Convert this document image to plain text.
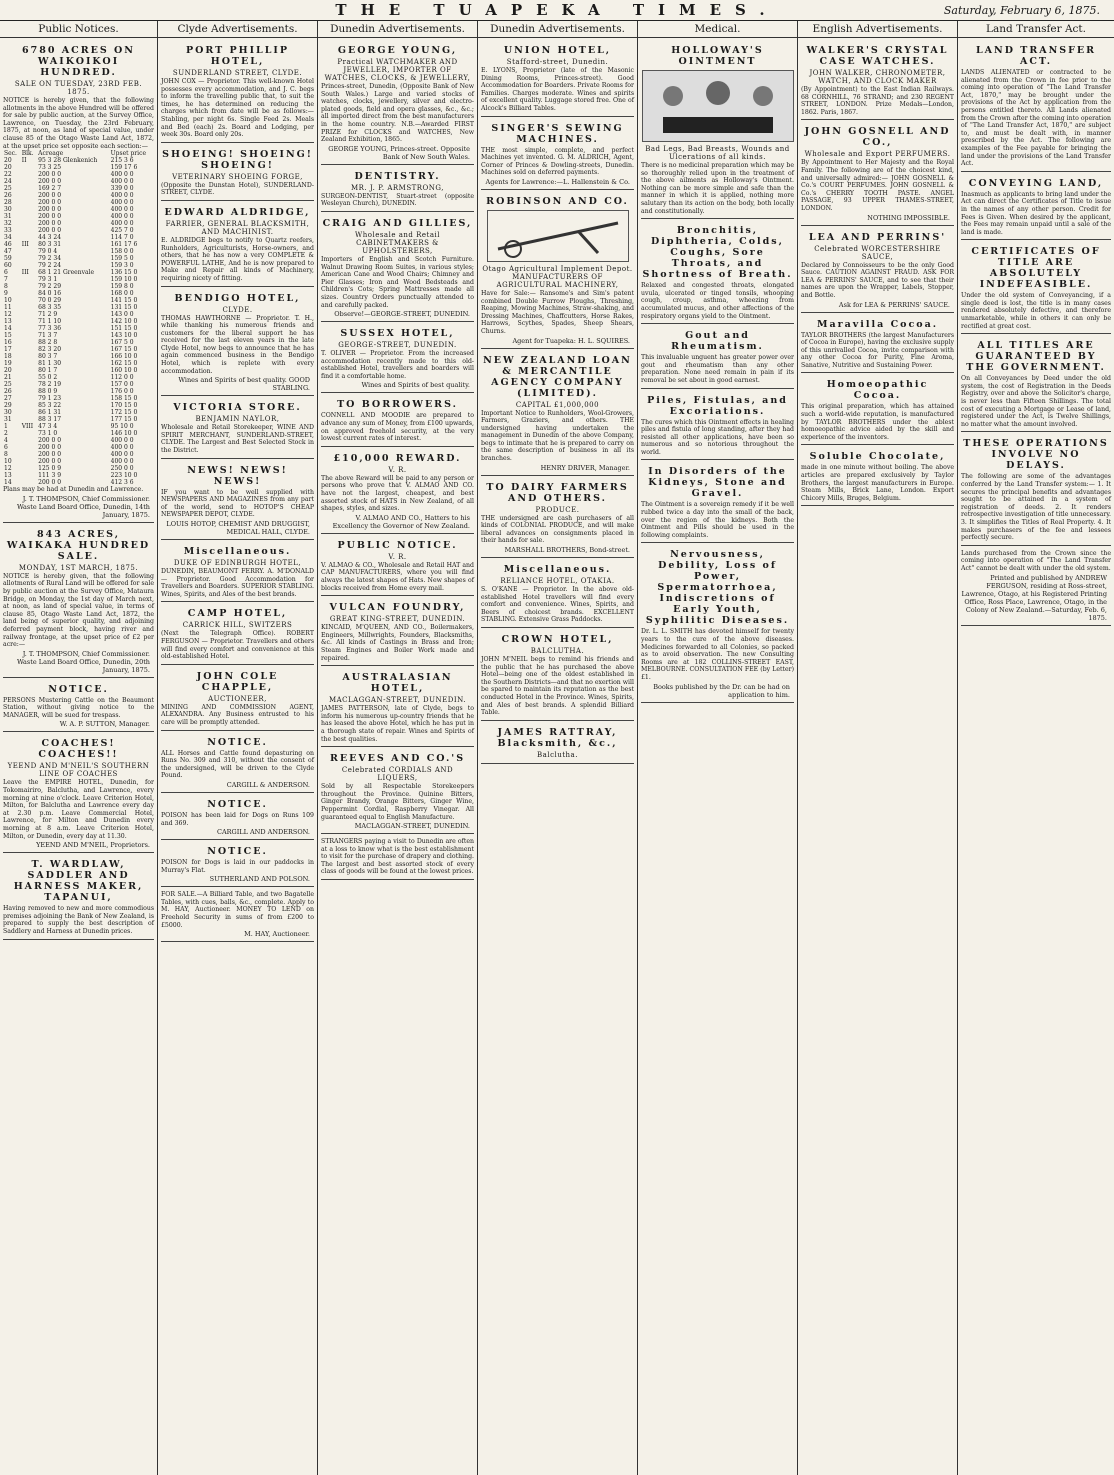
THE TUAPEKA TIMES.	Saturday, February 6, 1875.
Public Notices.
6780 ACRES ON WAIKOIKOI HUNDRED.
SALE ON TUESDAY, 23RD FEB. 1875.

NOTICE is hereby given, that the following allotments in the above Hundred will be offered for sale by public auction, at the Survey Office, Lawrence, on Tuesday, the 23rd February, 1875, at noon, as land of special value, under clause 85 of the Otago Waste Land Act, 1872, at the upset price set opposite each section:—

Sec.	Blk.	Acreage	Upset price
20	II	95 3 28 Glenkenich	215 3 6
20		73 3 25	159 17 6
22		200 0 0	400 0 0
24		200 0 0	400 0 0
25		169 2 7	339 0 0
26		200 0 0	400 0 0
28		200 0 0	400 0 0
30		200 0 0	400 0 0
31		200 0 0	400 0 0
32		200 0 0	400 0 0
33		200 0 0	425 7 0
34		44 3 24	114 7 0
46	III	80 3 31	161 17 6
47		79 0 4	158 0 0
59		79 2 34	159 5 0
60		79 2 24	159 3 0
6	III	68 1 21 Greenvale	136 15 0
7		79 3 1	159 10 0
8		79 2 29	159 8 0
9		84 0 16	168 0 0
10		70 0 29	141 15 0
11		68 3 35	131 15 0
12		71 2 9	143 0 0
13		71 1 10	142 10 0
14		77 3 36	151 15 0
15		71 3 7	143 10 0
16		88 2 8	167 5 0
17		82 3 20	167 15 0
18		80 3 7	166 10 0
19		81 1 30	162 15 0
20		80 1 7	160 10 0
21		55 0 2	112 0 0
25		78 2 19	157 0 0
26		88 0 9	176 0 0
27		79 1 23	158 15 0
29		85 3 22	170 15 0
30		86 1 31	172 15 0
31		88 3 17	177 15 0
1	VIII	47 3 4	95 10 0
2		73 1 0	146 10 0
4		200 0 0	400 0 0
6		200 0 0	400 0 0
8		200 0 0	400 0 0
10		200 0 0	400 0 0
12		125 0 9	250 0 0
13		111 3 9	223 10 0
14		200 0 0	412 3 6

Plans may be had at Dunedin and Lawrence.

J. T. THOMPSON, Chief Commissioner. Waste Land Board Office, Dunedin, 14th January, 1875.
843 ACRES, WAIKAKA HUNDRED SALE.
MONDAY, 1ST MARCH, 1875.

NOTICE is hereby given, that the following allotments of Rural Land will be offered for sale by public auction at the Survey Office, Mataura Bridge, on Monday, the 1st day of March next, at noon, as land of special value, in terms of clause 85, Otago Waste Land Act, 1872, the land being of superior quality, and adjoining deferred payment block, having river and railway frontage, at the upset price of £2 per acre:—

J. T. THOMPSON, Chief Commissioner. Waste Land Board Office, Dunedin, 20th January, 1875.
NOTICE.

PERSONS Mustering Cattle on the Beaumont Station, without giving notice to the MANAGER, will be sued for trespass.

W. A. P. SUTTON, Manager.
COACHES! COACHES!!
YEEND AND M'NEIL'S SOUTHERN LINE OF COACHES

Leave the EMPIRE HOTEL, Dunedin, for Tokomairiro, Balclutha, and Lawrence, every morning at nine o'clock. Leave Criterion Hotel, Milton, for Balclutha and Lawrence every day at 2.30 p.m. Leave Commercial Hotel, Lawrence, for Milton and Dunedin every morning at 8 a.m. Leave Criterion Hotel, Milton, or Dunedin, every day at 11.30.

YEEND AND M'NEIL, Proprietors.
T. WARDLAW, SADDLER AND HARNESS MAKER, TAPANUI,

Having removed to new and more commodious premises adjoining the Bank of New Zealand, is prepared to supply the best description of Saddlery and Harness at Dunedin prices.

Clyde Advertisements.
PORT PHILLIP HOTEL,
SUNDERLAND STREET, CLYDE.

JOHN COX — Proprietor. This well-known Hotel possesses every accommodation, and J. C. begs to inform the travelling public that, to suit the times, he has determined on reducing the charges which from date will be as follows:— Stabling, per night 6s. Single Feed 2s. Meals and Bed (each) 2s. Board and Lodging, per week 30s. Board only 20s.

SHOEING! SHOEING! SHOEING!
VETERINARY SHOEING FORGE,

(Opposite the Dunstan Hotel), SUNDERLAND-STREET, CLYDE.

EDWARD ALDRIDGE,
FARRIER, GENERAL BLACKSMITH, AND MACHINIST.

E. ALDRIDGE begs to notify to Quartz reefers, Runholders, Agriculturists, Horse-owners, and others, that he has now a very COMPLETE & POWERFUL LATHE, And he is now prepared to Make and Repair all kinds of Machinery, requiring nicety of fitting.

BENDIGO HOTEL,
CLYDE.

THOMAS HAWTHORNE — Proprietor. T. H., while thanking his numerous friends and customers for the liberal support he has received for the last eleven years in the late Clyde Hotel, now begs to announce that he has again commenced business in the Bendigo Hotel, which is replete with every accommodation.

Wines and Spirits of best quality. GOOD STABLING.
VICTORIA STORE.
BENJAMIN NAYLOR,

Wholesale and Retail Storekeeper, WINE AND SPIRIT MERCHANT, SUNDERLAND-STREET, CLYDE. The Largest and Best Selected Stock in the District.

NEWS! NEWS! NEWS!

IF you want to be well supplied with NEWSPAPERS AND MAGAZINES from any part of the world, send to HOTOP'S CHEAP NEWSPAPER DEPOT, CLYDE.

LOUIS HOTOP, CHEMIST AND DRUGGIST, MEDICAL HALL, CLYDE.
Miscellaneous.
DUKE OF EDINBURGH HOTEL,

DUNEDIN, BEAUMONT FERRY. A. M'DONALD — Proprietor. Good Accommodation for Travellers and Boarders. SUPERIOR STABLING. Wines, Spirits, and Ales of the best brands.

CAMP HOTEL,
CARRICK HILL, SWITZERS

(Next the Telegraph Office). ROBERT FERGUSON — Proprietor. Travellers and others will find every comfort and convenience at this old-established Hotel.

JOHN COLE CHAPPLE,
AUCTIONEER,

MINING AND COMMISSION AGENT, ALEXANDRA. Any Business entrusted to his care will be promptly attended.

NOTICE.

ALL Horses and Cattle found depasturing on Runs No. 309 and 310, without the consent of the undersigned, will be driven to the Clyde Pound.

CARGILL & ANDERSON.
NOTICE.

POISON has been laid for Dogs on Runs 109 and 369.

CARGILL AND ANDERSON.
NOTICE.

POISON for Dogs is laid in our paddocks in Murray's Flat.

SUTHERLAND AND POLSON.

FOR SALE.—A Billiard Table, and two Bagatelle Tables, with cues, balls, &c., complete. Apply to M. HAY, Auctioneer. MONEY TO LEND on Freehold Security in sums of from £200 to £5000.

M. HAY, Auctioneer.
Dunedin Advertisements.
GEORGE YOUNG,
Practical WATCHMAKER AND JEWELLER, IMPORTER OF WATCHES, CLOCKS, & JEWELLERY,

Princes-street, Dunedin, (Opposite Bank of New South Wales.) Large and varied stocks of watches, clocks, jewellery, silver and electro-plated goods, field and opera glasses, &c., &c.; all imported direct from the best manufacturers in the home country. N.B.—Awarded FIRST PRIZE for CLOCKS and WATCHES, New Zealand Exhibition, 1865.

GEORGE YOUNG, Princes-street. Opposite Bank of New South Wales.
DENTISTRY.
MR. J. P. ARMSTRONG,

SURGEON-DENTIST, Stuart-street (opposite Wesleyan Church), DUNEDIN.

CRAIG AND GILLIES,
Wholesale and Retail CABINETMAKERS & UPHOLSTERERS,

Importers of English and Scotch Furniture. Walnut Drawing Room Suites, in various styles; American Cane and Wood Chairs; Chimney and Pier Glasses; Iron and Wood Bedsteads and Children's Cots; Spring Mattresses made all sizes. Country Orders punctually attended to and carefully packed.

Observe!—GEORGE-STREET, DUNEDIN.
SUSSEX HOTEL,
GEORGE-STREET, DUNEDIN.

T. OLIVER — Proprietor. From the increased accommodation recently made to this old-established Hotel, travellers and boarders will find it a comfortable home.

Wines and Spirits of best quality.
TO BORROWERS.

CONNELL AND MOODIE are prepared to advance any sum of Money, from £100 upwards, on approved freehold security, at the very lowest current rates of interest.

£10,000 REWARD.
V. R.

The above Reward will be paid to any person or persons who prove that V. ALMAO AND CO. have not the largest, cheapest, and best assorted stock of HATS in New Zealand, of all shapes, styles, and sizes.

V. ALMAO AND CO., Hatters to his Excellency the Governor of New Zealand.
PUBLIC NOTICE.
V. R.

V. ALMAO & CO., Wholesale and Retail HAT and CAP MANUFACTURERS, where you will find always the latest shapes of Hats. New shapes of blocks received from Home every mail.

VULCAN FOUNDRY,
GREAT KING-STREET, DUNEDIN.

KINCAID, M'QUEEN, AND CO., Boilermakers, Engineers, Millwrights, Founders, Blacksmiths, &c. All kinds of Castings in Brass and Iron; Steam Engines and Boiler Work made and repaired.

AUSTRALASIAN HOTEL,
MACLAGGAN-STREET, DUNEDIN.

JAMES PATTERSON, late of Clyde, begs to inform his numerous up-country friends that he has leased the above Hotel, which he has put in a thorough state of repair. Wines and Spirits of the best qualities.

REEVES AND CO.'S
Celebrated CORDIALS AND LIQUERS,

Sold by all Respectable Storekeepers throughout the Province. Quinine Bitters, Ginger Brandy, Orange Bitters, Ginger Wine, Peppermint Cordial, Raspberry Vinegar. All guaranteed equal to English Manufacture.

MACLAGGAN-STREET, DUNEDIN.

STRANGERS paying a visit to Dunedin are often at a loss to know what is the best establishment to visit for the purchase of drapery and clothing. The largest and best assorted stock of every class of goods will be found at the lowest prices.

Dunedin Advertisements.
UNION HOTEL,
Stafford-street, Dunedin.

E. LYONS, Proprietor (late of the Masonic Dining Rooms, Princes-street). Good Accommodation for Boarders. Private Rooms for Families. Charges moderate. Wines and spirits of excellent quality. Luggage stored free. One of Alcock's Billiard Tables.

SINGER'S SEWING MACHINES.

THE most simple, complete, and perfect Machines yet invented. G. M. ALDRICH, Agent, Corner of Princes & Dowling-streets, Dunedin. Machines sold on deferred payments.

Agents for Lawrence:—L. Hallenstein & Co.
ROBINSON AND CO.
Otago Agricultural Implement Depot. MANUFACTURERS OF AGRICULTURAL MACHINERY,

Have for Sale:— Ransome's and Sim's patent combined Double Furrow Ploughs, Threshing, Reaping, Mowing Machines, Straw-shaking, and Dressing Machines, Chaffcutters, Horse Rakes, Harrows, Scythes, Spades, Sheep Shears, Churns.

Agent for Tuapeka: H. L. SQUIRES.
NEW ZEALAND LOAN & MERCANTILE AGENCY COMPANY (LIMITED).
CAPITAL £1,000,000

Important Notice to Runholders, Wool-Growers, Farmers, Graziers, and others. THE undersigned having undertaken the management in Dunedin of the above Company, begs to intimate that he is prepared to carry on the same description of business in all its branches.

HENRY DRIVER, Manager.
TO DAIRY FARMERS AND OTHERS.
PRODUCE.

THE undersigned are cash purchasers of all kinds of COLONIAL PRODUCE, and will make liberal advances on consignments placed in their hands for sale.

MARSHALL BROTHERS, Bond-street.
Miscellaneous.
RELIANCE HOTEL, OTAKIA.

S. O'KANE — Proprietor. In the above old-established Hotel travellers will find every comfort and convenience. Wines, Spirits, and Beers of choicest brands. EXCELLENT STABLING. Extensive Grass Paddocks.

CROWN HOTEL,
BALCLUTHA.

JOHN M'NEIL begs to remind his friends and the public that he has purchased the above Hotel—being one of the oldest established in the Southern Districts—and that no exertion will be spared to maintain its reputation as the best conducted Hotel in the Province. Wines, Spirits, and Ales of best brands. A splendid Billiard Table.

JAMES RATTRAY, Blacksmith, &c.,
Balclutha.
Medical.
HOLLOWAY'S OINTMENT
Bad Legs, Bad Breasts, Wounds and Ulcerations of all kinds.

There is no medicinal preparation which may be so thoroughly relied upon in the treatment of the above ailments as Holloway's Ointment. Nothing can be more simple and safe than the manner in which it is applied, nothing more salutary than its action on the body, both locally and constitutionally.

Bronchitis, Diphtheria, Colds, Coughs, Sore Throats, and Shortness of Breath.

Relaxed and congested throats, elongated uvula, ulcerated or tinged tonsils, whooping cough, croup, asthma, wheezing from accumulated mucus, and other affections of the respiratory organs yield to the Ointment.

Gout and Rheumatism.

This invaluable unguent has greater power over gout and rheumatism than any other preparation. None need remain in pain if its removal be set about in good earnest.

Piles, Fistulas, and Excoriations.

The cures which this Ointment effects in healing piles and fistula of long standing, after they had resisted all other applications, have been so numerous and so notorious throughout the world.

In Disorders of the Kidneys, Stone and Gravel.

The Ointment is a sovereign remedy if it be well rubbed twice a day into the small of the back, over the region of the kidneys. Both the Ointment and Pills should be used in the following complaints.

Nervousness, Debility, Loss of Power, Spermatorrhoea, Indiscretions of Early Youth, Syphilitic Diseases.

Dr. L. L. SMITH has devoted himself for twenty years to the cure of the above diseases. Medicines forwarded to all Colonies, so packed as to avoid observation. The new Consulting Rooms are at 182 COLLINS-STREET EAST, MELBOURNE. CONSULTATION FEE (by Letter) £1.

Books published by the Dr. can be had on application to him.
English Advertisements.
WALKER'S CRYSTAL CASE WATCHES.
JOHN WALKER, CHRONOMETER, WATCH, AND CLOCK MAKER

(By Appointment) to the East Indian Railways. 68 CORNHILL, 76 STRAND; and 230 REGENT STREET, LONDON. Prize Medals—London, 1862. Paris, 1867.

JOHN GOSNELL AND CO.,
Wholesale and Export PERFUMERS.

By Appointment to Her Majesty and the Royal Family. The following are of the choicest kind, and universally admired:— JOHN GOSNELL & Co.'s COURT PERFUMES. JOHN GOSNELL & Co.'s CHERRY TOOTH PASTE. ANGEL PASSAGE, 93 UPPER THAMES-STREET, LONDON.

NOTHING IMPOSSIBLE.
LEA AND PERRINS'
Celebrated WORCESTERSHIRE SAUCE,

Declared by Connoisseurs to be the only Good Sauce. CAUTION AGAINST FRAUD. ASK FOR LEA & PERRINS' SAUCE, and to see that their names are upon the Wrapper, Labels, Stopper, and Bottle.

Ask for LEA & PERRINS' SAUCE.
Maravilla Cocoa.

TAYLOR BROTHERS (the largest Manufacturers of Cocoa in Europe), having the exclusive supply of this unrivalled Cocoa, invite comparison with any other Cocoa for Purity, Fine Aroma, Sanative, Nutritive and Sustaining Power.

Homoeopathic Cocoa.

This original preparation, which has attained such a world-wide reputation, is manufactured by TAYLOR BROTHERS under the ablest homoeopathic advice aided by the skill and experience of the inventors.

Soluble Chocolate,

made in one minute without boiling. The above articles are prepared exclusively by Taylor Brothers, the largest manufacturers in Europe. Steam Mills, Brick Lane, London. Export Chicory Mills, Bruges, Belgium.

Land Transfer Act.
LAND TRANSFER ACT.

LANDS ALIENATED or contracted to be alienated from the Crown in fee prior to the coming into operation of "The Land Transfer Act, 1870," may be brought under the provisions of the Act by application from the persons entitled thereto. All Lands alienated from the Crown after the coming into operation of "The Land Transfer Act, 1870," are subject to, and must be dealt with, in manner prescribed by the Act. The following are examples of the Fee payable for bringing the land under the provisions of the Land Transfer Act.

CONVEYING LAND,

Inasmuch as applicants to bring land under the Act can direct the Certificates of Title to issue in the names of any other person. Credit for Fees is Given. When desired by the applicant, the Fees may remain unpaid until a sale of the land is made.

CERTIFICATES OF TITLE ARE ABSOLUTELY INDEFEASIBLE.

Under the old system of Conveyancing, if a single deed is lost, the title is in many cases rendered absolutely defective, and therefore unmarketable, while in others it can only be rectified at great cost.

ALL TITLES ARE GUARANTEED BY THE GOVERNMENT.

On all Conveyances by Deed under the old system, the cost of Registration in the Deeds Registry, over and above the Solicitor's charge, is never less than Fifteen Shillings. The total cost of executing a Mortgage or Lease of land, registered under the Act, is Twelve Shillings, no matter what the amount involved.

THESE OPERATIONS INVOLVE NO DELAYS.

The following are some of the advantages conferred by the Land Transfer system:— 1. It secures the principal benefits and advantages sought to be attained in a system of registration of deeds. 2. It renders retrospective investigation of title unnecessary. 3. It simplifies the Titles of Real Property. 4. It makes purchasers of the fee and lessees perfectly secure.

Lands purchased from the Crown since the coming into operation of "The Land Transfer Act" cannot be dealt with under the old system.

Printed and published by ANDREW FERGUSON, residing at Ross-street, Lawrence, Otago, at his Registered Printing Office, Ross Place, Lawrence, Otago, in the Colony of New Zealand.—Saturday, Feb. 6, 1875.
